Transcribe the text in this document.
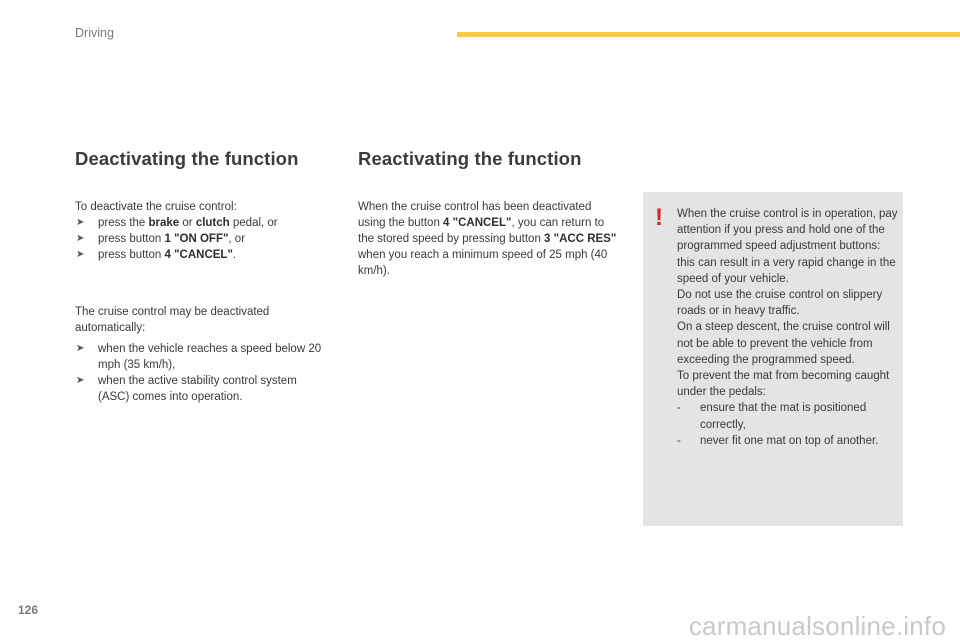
Driving
Deactivating the function	Reactivating the function
To deactivate the cruise control:
➤ press the brake or clutch pedal, or
➤ press button 1 "ON OFF", or
➤ press button 4 "CANCEL".
The cruise control may be deactivated automatically:
➤ when the vehicle reaches a speed below 20 mph (35 km/h),
➤ when the active stability control system (ASC) comes into operation.
When the cruise control has been deactivated using the button 4 "CANCEL", you can return to the stored speed by pressing button 3 "ACC RES" when you reach a minimum speed of 25 mph (40 km/h).
! When the cruise control is in operation, pay attention if you press and hold one of the programmed speed adjustment buttons: this can result in a very rapid change in the speed of your vehicle.
Do not use the cruise control on slippery roads or in heavy traffic.
On a steep descent, the cruise control will not be able to prevent the vehicle from exceeding the programmed speed.
To prevent the mat from becoming caught under the pedals:
- ensure that the mat is positioned correctly,
- never fit one mat on top of another.
126
carmanualsonline.info
